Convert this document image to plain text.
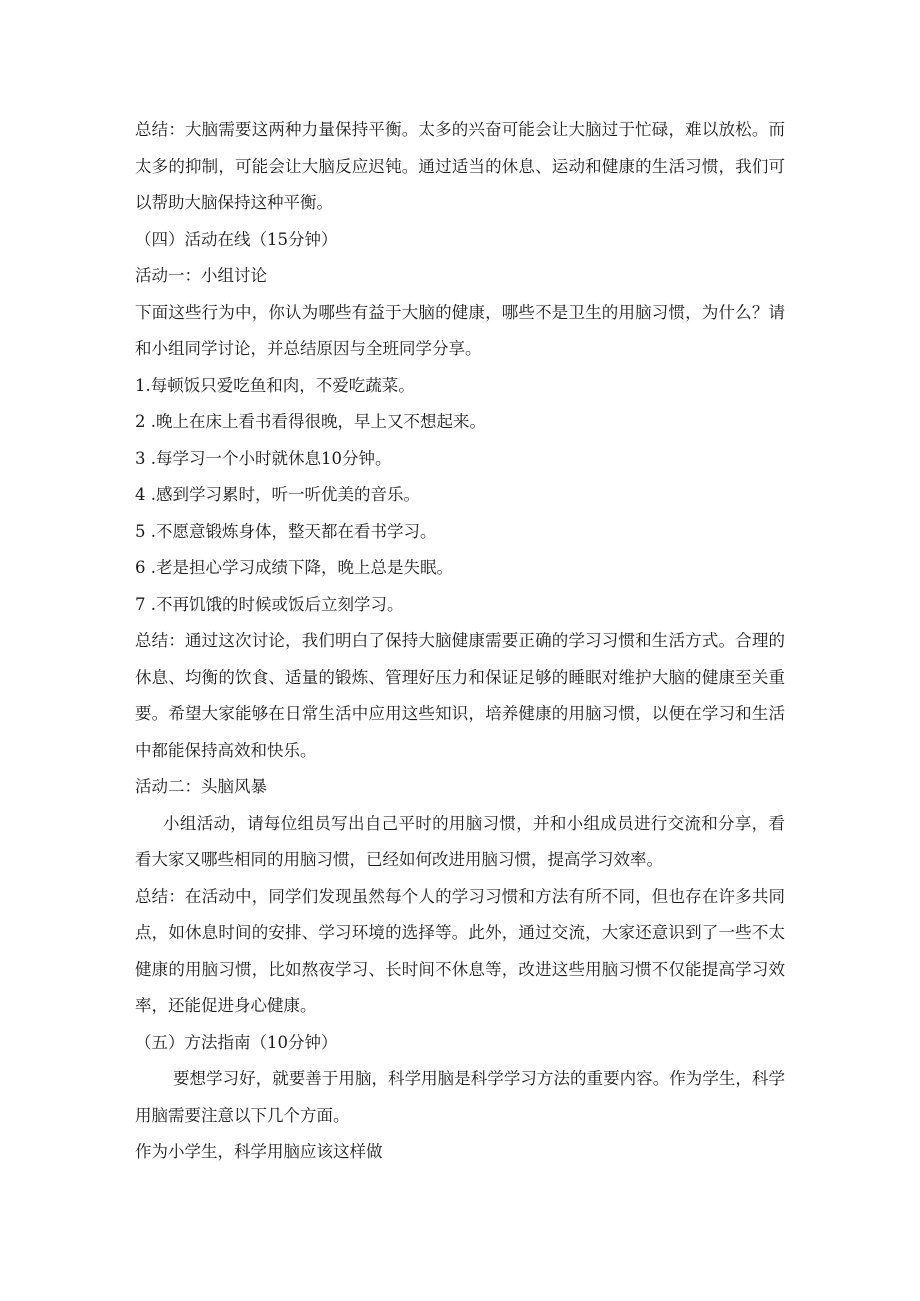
总结：大脑需要这两种力量保持平衡。太多的兴奋可能会让大脑过于忙碌，难以放松。而太多的抑制，可能会让大脑反应迟钝。通过适当的休息、运动和健康的生活习惯，我们可以帮助大脑保持这种平衡。

（四）活动在线（15分钟）

活动一：小组讨论

下面这些行为中，你认为哪些有益于大脑的健康，哪些不是卫生的用脑习惯，为什么？请和小组同学讨论，并总结原因与全班同学分享。

1.每顿饭只爱吃鱼和肉，不爱吃蔬菜。

2 .晚上在床上看书看得很晚，早上又不想起来。

3 .每学习一个小时就休息10分钟。

4 .感到学习累时，听一听优美的音乐。

5 .不愿意锻炼身体，整天都在看书学习。

6 .老是担心学习成绩下降，晚上总是失眠。

7 .不再饥饿的时候或饭后立刻学习。

总结：通过这次讨论，我们明白了保持大脑健康需要正确的学习习惯和生活方式。合理的休息、均衡的饮食、适量的锻炼、管理好压力和保证足够的睡眠对维护大脑的健康至关重要。希望大家能够在日常生活中应用这些知识，培养健康的用脑习惯，以便在学习和生活中都能保持高效和快乐。

活动二：头脑风暴

小组活动，请每位组员写出自己平时的用脑习惯，并和小组成员进行交流和分享，看看大家又哪些相同的用脑习惯，已经如何改进用脑习惯，提高学习效率。

总结：在活动中，同学们发现虽然每个人的学习习惯和方法有所不同，但也存在许多共同点，如休息时间的安排、学习环境的选择等。此外，通过交流，大家还意识到了一些不太健康的用脑习惯，比如熬夜学习、长时间不休息等，改进这些用脑习惯不仅能提高学习效率，还能促进身心健康。

（五）方法指南（10分钟）

要想学习好，就要善于用脑，科学用脑是科学学习方法的重要内容。作为学生，科学用脑需要注意以下几个方面。

作为小学生，科学用脑应该这样做
